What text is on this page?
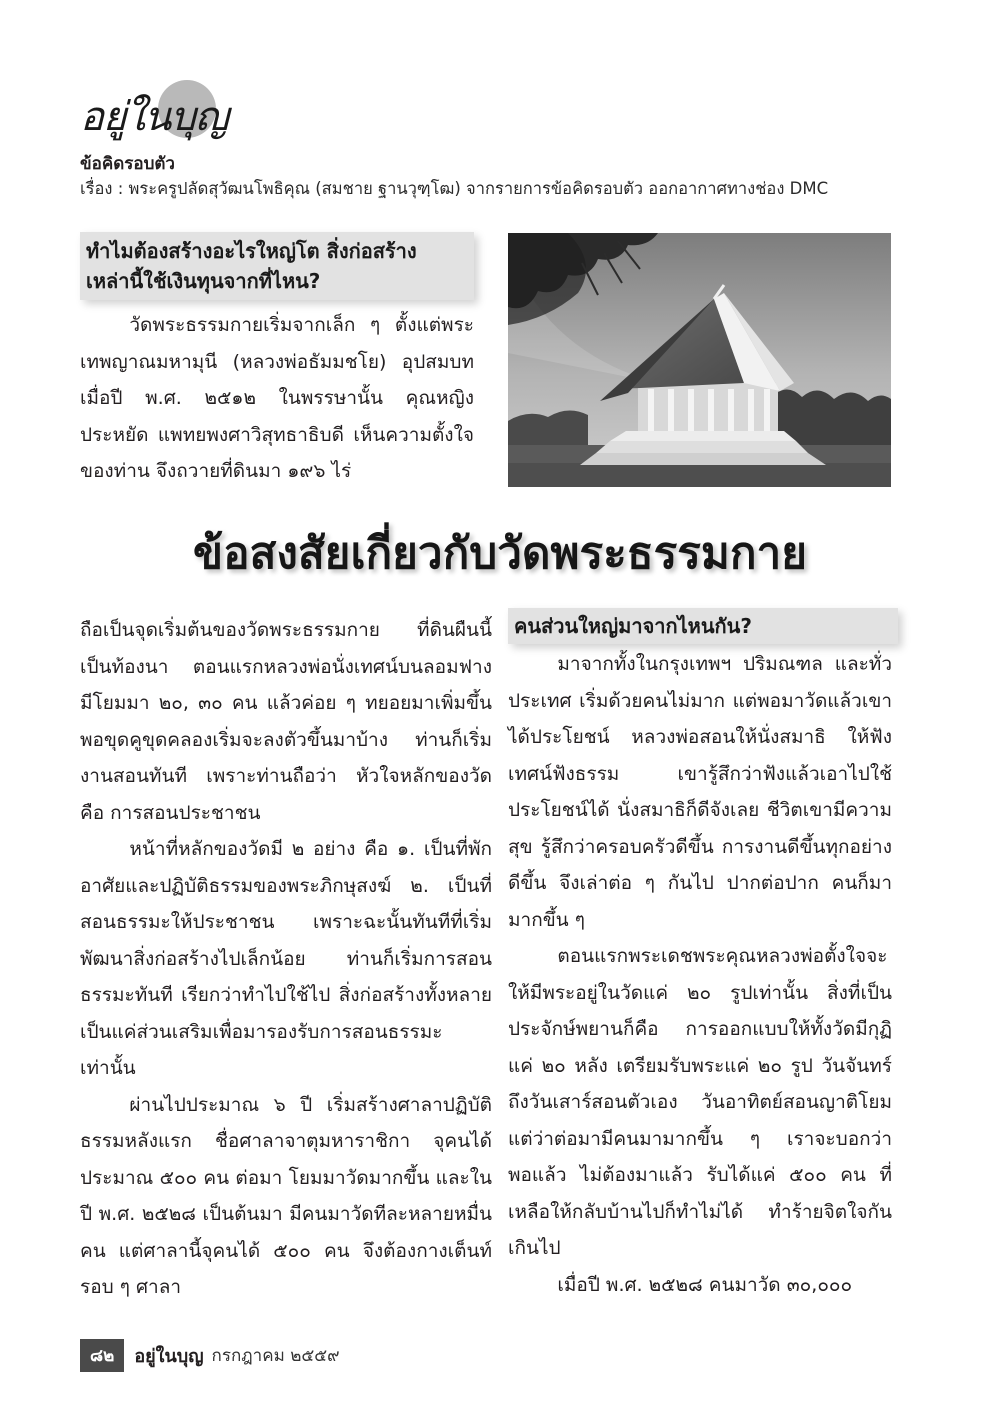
อยู่ในบุญ
ข้อคิดรอบตัว
เรื่อง : พระครูปลัดสุวัฒนโพธิคุณ (สมชาย ฐานวุฑฺโฒ) จากรายการข้อคิดรอบตัว ออกอากาศทางช่อง DMC
ทำไมต้องสร้างอะไรใหญ่โต สิ่งก่อสร้าง
เหล่านี้ใช้เงินทุนจากที่ไหน?

วัดพระธรรมกายเริ่มจากเล็ก ๆ ตั้งแต่พระเทพญาณมหามุนี (หลวงพ่อธัมมชโย) อุปสมบทเมื่อปี พ.ศ. ๒๕๑๒ ในพรรษานั้น คุณหญิงประหยัด แพทยพงศาวิสุทธาธิบดี เห็นความตั้งใจของท่าน จึงถวายที่ดินมา ๑๙๖ ไร่

ข้อสงสัยเกี่ยวกับวัดพระธรรมกาย

ถือเป็นจุดเริ่มต้นของวัดพระธรรมกาย ที่ดินผืนนี้เป็นท้องนา ตอนแรกหลวงพ่อนั่งเทศน์บนลอมฟาง มีโยมมา ๒๐, ๓๐ คน แล้วค่อย ๆ ทยอยมาเพิ่มขึ้น พอขุดคูขุดคลองเริ่มจะลงตัวขึ้นมาบ้าง ท่านก็เริ่มงานสอนทันที เพราะท่านถือว่า หัวใจหลักของวัด คือ การสอนประชาชน

หน้าที่หลักของวัดมี ๒ อย่าง คือ ๑. เป็นที่พักอาศัยและปฏิบัติธรรมของพระภิกษุสงฆ์ ๒. เป็นที่สอนธรรมะให้ประชาชน เพราะฉะนั้นทันทีที่เริ่มพัฒนาสิ่งก่อสร้างไปเล็กน้อย ท่านก็เริ่มการสอนธรรมะทันที เรียกว่าทำไปใช้ไป สิ่งก่อสร้างทั้งหลายเป็นแค่ส่วนเสริมเพื่อมารองรับการสอนธรรมะเท่านั้น

ผ่านไปประมาณ ๖ ปี เริ่มสร้างศาลาปฏิบัติธรรมหลังแรก ชื่อศาลาจาตุมหาราชิกา จุคนได้ประมาณ ๕๐๐ คน ต่อมา โยมมาวัดมากขึ้น และในปี พ.ศ. ๒๕๒๘ เป็นต้นมา มีคนมาวัดทีละหลายหมื่นคน แต่ศาลานี้จุคนได้ ๕๐๐ คน จึงต้องกางเต็นท์รอบ ๆ ศาลา

คนส่วนใหญ่มาจากไหนกัน?

มาจากทั้งในกรุงเทพฯ ปริมณฑล และทั่วประเทศ เริ่มด้วยคนไม่มาก แต่พอมาวัดแล้วเขาได้ประโยชน์ หลวงพ่อสอนให้นั่งสมาธิ ให้ฟังเทศน์ฟังธรรม เขารู้สึกว่าฟังแล้วเอาไปใช้ประโยชน์ได้ นั่งสมาธิก็ดีจังเลย ชีวิตเขามีความสุข รู้สึกว่าครอบครัวดีขึ้น การงานดีขึ้นทุกอย่างดีขึ้น จึงเล่าต่อ ๆ กันไป ปากต่อปาก คนก็มามากขึ้น ๆ

ตอนแรกพระเดชพระคุณหลวงพ่อตั้งใจจะให้มีพระอยู่ในวัดแค่ ๒๐ รูปเท่านั้น สิ่งที่เป็นประจักษ์พยานก็คือ การออกแบบให้ทั้งวัดมีกุฏิแค่ ๒๐ หลัง เตรียมรับพระแค่ ๒๐ รูป วันจันทร์ถึงวันเสาร์สอนตัวเอง วันอาทิตย์สอนญาติโยม แต่ว่าต่อมามีคนมามากขึ้น ๆ เราจะบอกว่าพอแล้ว ไม่ต้องมาแล้ว รับได้แค่ ๕๐๐ คน ที่เหลือให้กลับบ้านไปก็ทำไม่ได้ ทำร้ายจิตใจกันเกินไป

เมื่อปี พ.ศ. ๒๕๒๘ คนมาวัด ๓๐,๐๐๐

๘๒	อยู่ในบุญ กรกฎาคม ๒๕๕๙
